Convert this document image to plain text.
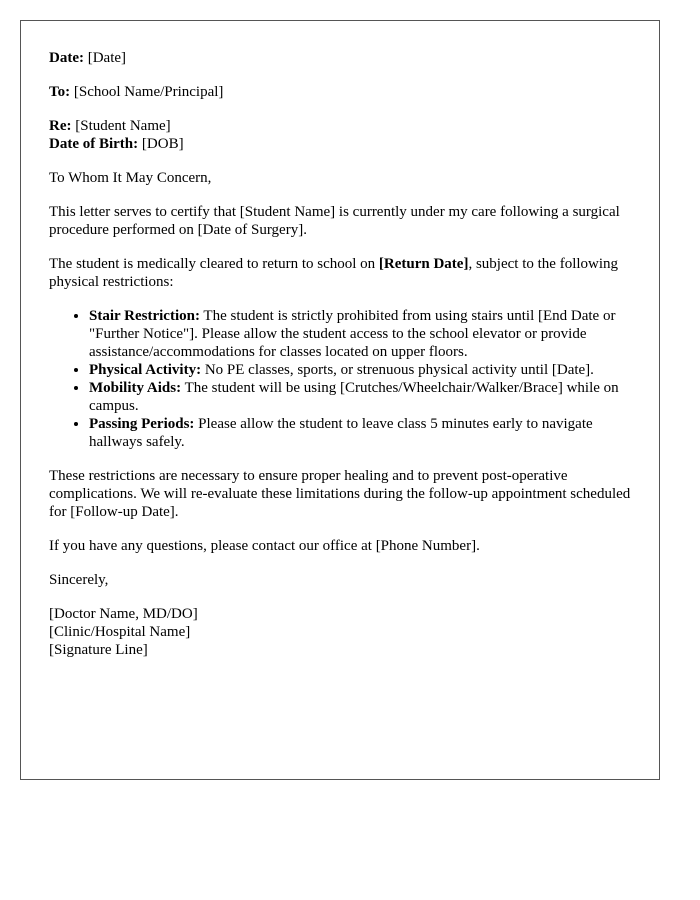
Date: [Date]

To: [School Name/Principal]

Re: [Student Name]

Date of Birth: [DOB]

To Whom It May Concern,

This letter serves to certify that [Student Name] is currently under my care following a surgical procedure performed on [Date of Surgery].

The student is medically cleared to return to school on [Return Date], subject to the following physical restrictions:

• Stair Restriction: The student is strictly prohibited from using stairs until [End Date or "Further Notice"]. Please allow the student access to the school elevator or provide assistance/accommodations for classes located on upper floors.
• Physical Activity: No PE classes, sports, or strenuous physical activity until [Date].
• Mobility Aids: The student will be using [Crutches/Wheelchair/Walker/Brace] while on campus.
• Passing Periods: Please allow the student to leave class 5 minutes early to navigate hallways safely.

These restrictions are necessary to ensure proper healing and to prevent post-operative complications. We will re-evaluate these limitations during the follow-up appointment scheduled for [Follow-up Date].

If you have any questions, please contact our office at [Phone Number].

Sincerely,

[Doctor Name, MD/DO]

[Clinic/Hospital Name]

[Signature Line]
